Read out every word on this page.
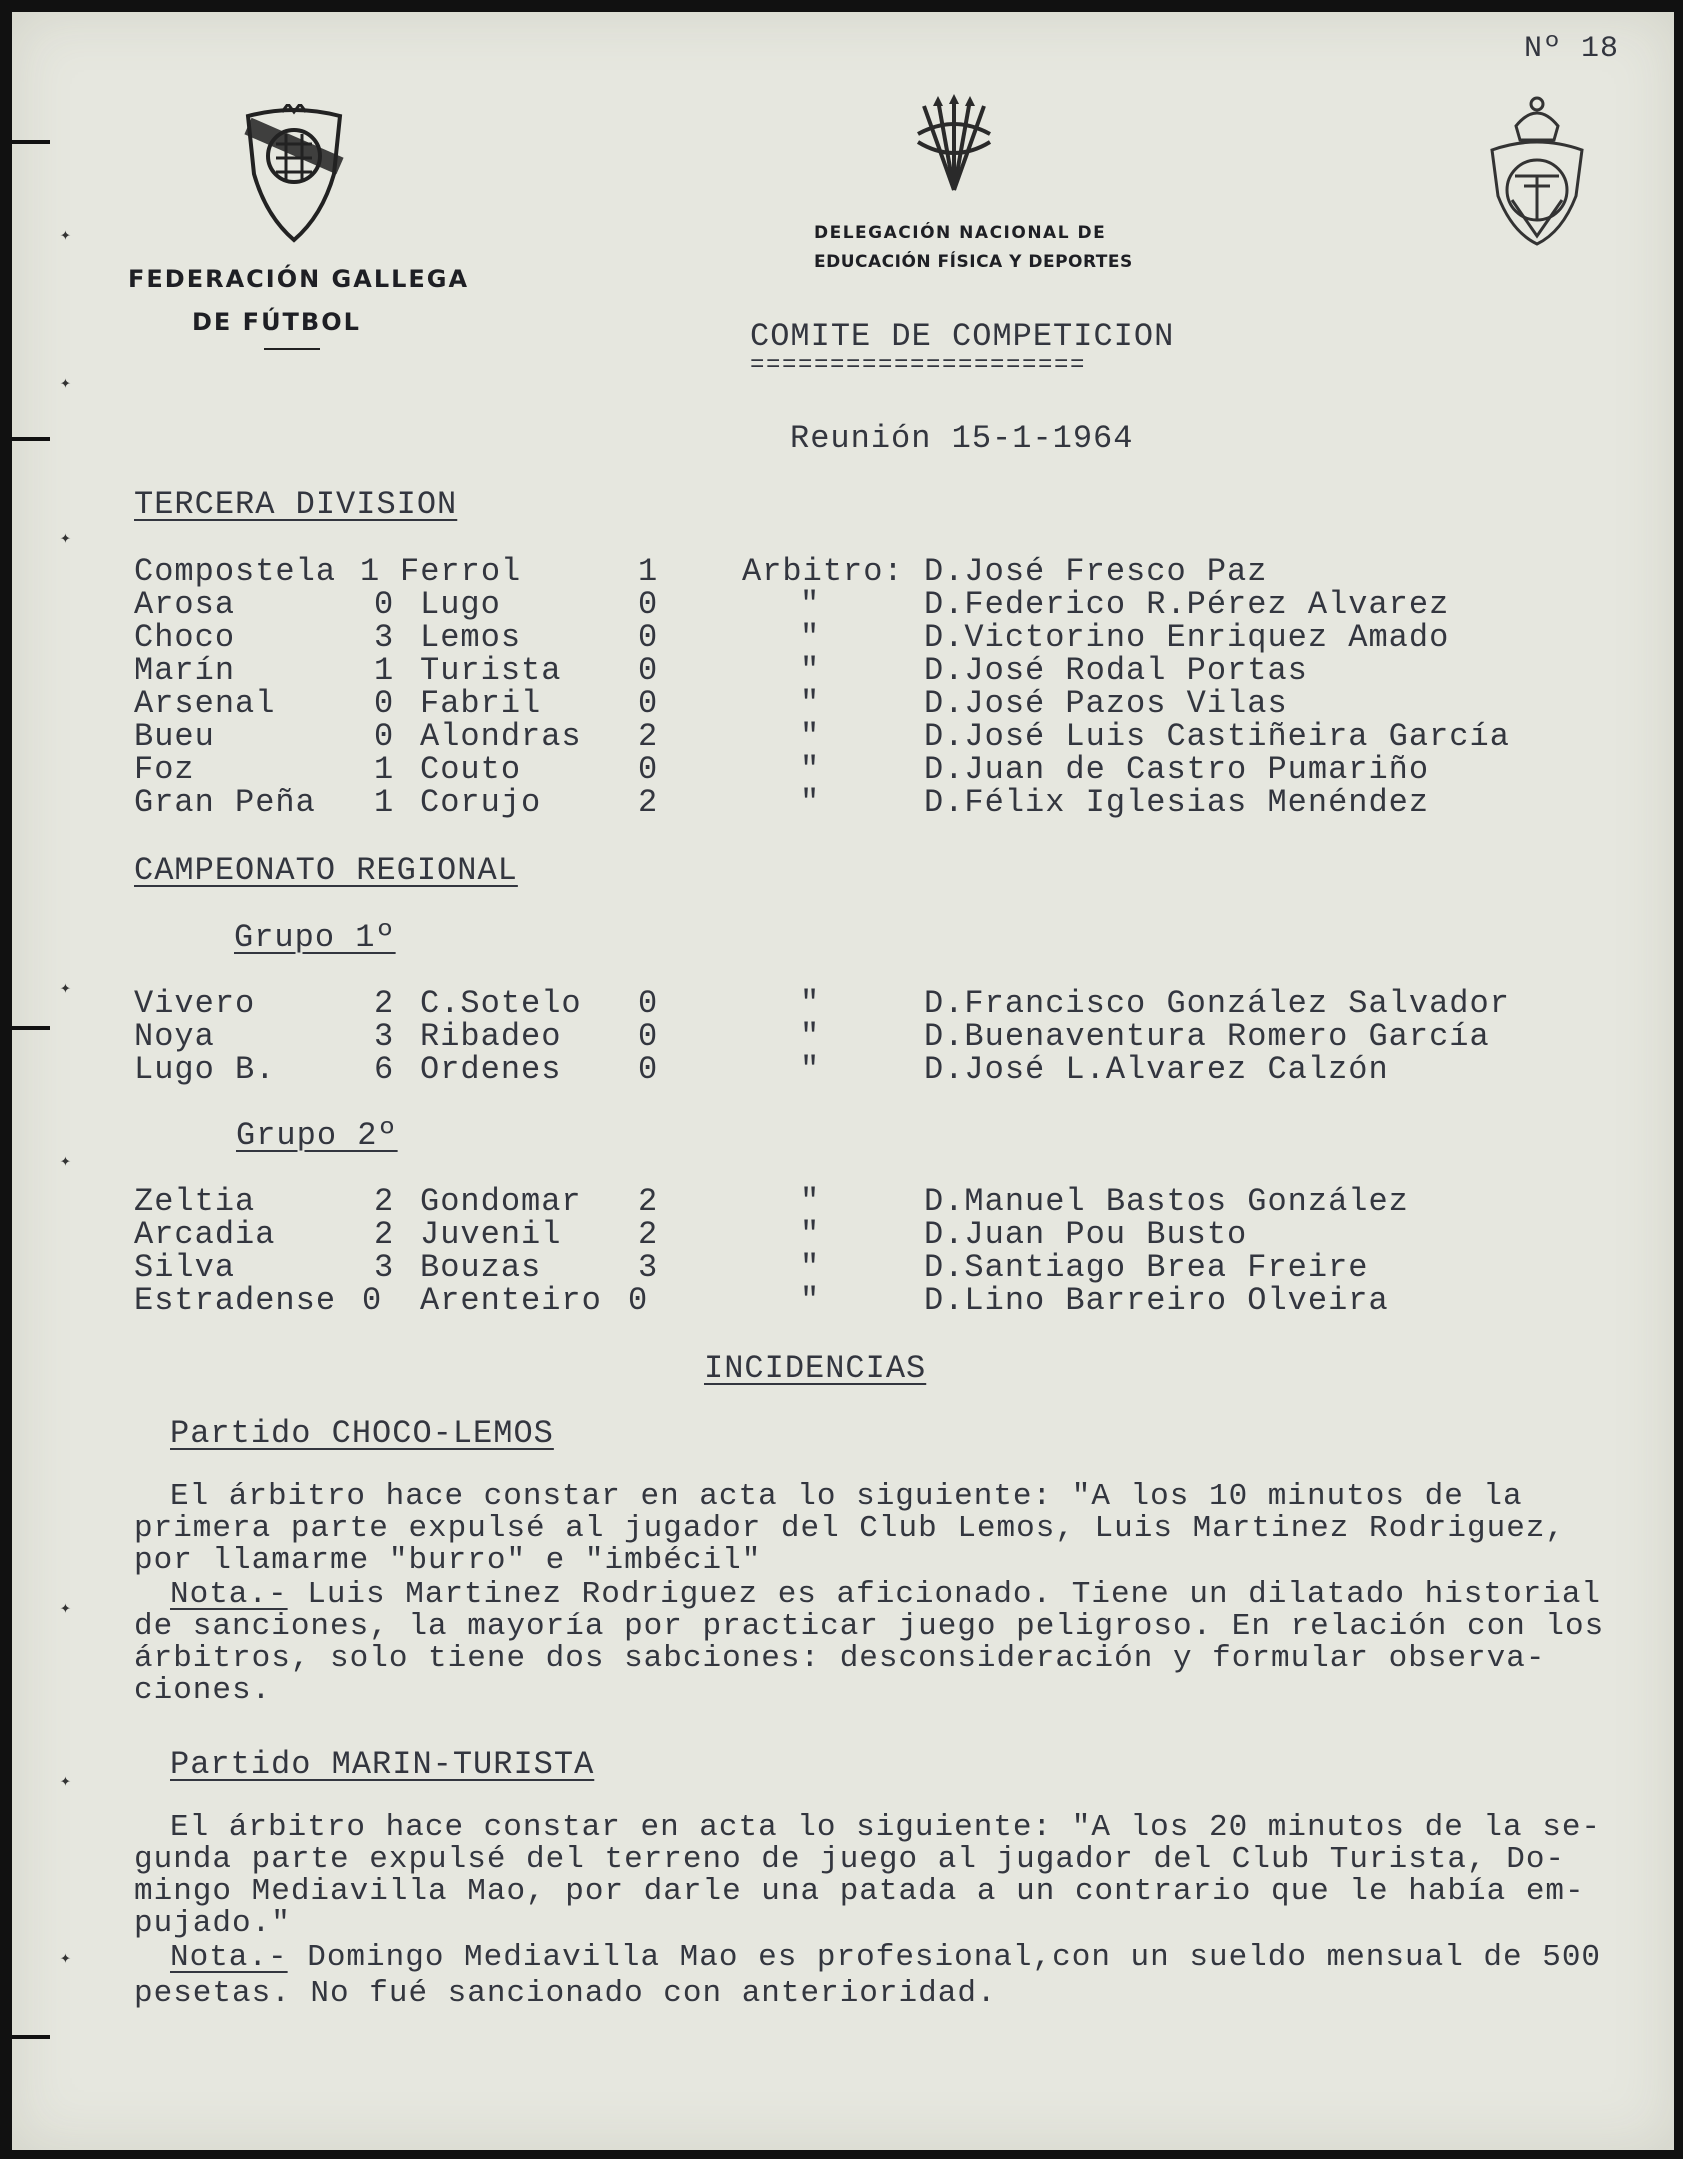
✦
✦
✦
✦
✦
✦
✦
✦
Nº 18
FEDERACIÓN GALLEGA
DE FÚTBOL
DELEGACIÓN NACIONAL DE
EDUCACIÓN FÍSICA Y DEPORTES
COMITE DE COMPETICION
=====================
Reunión 15-1-1964
TERCERA DIVISION
Compostela 1 Ferrol	1	Arbitro: D.José Fresco Paz
Arosa	0 Lugo	0	"	D.Federico R.Pérez Alvarez
Choco	3 Lemos	0	"	D.Victorino Enriquez Amado
Marín	1 Turista 0	"	D.José Rodal Portas
Arsenal	0 Fabril	0	"	D.José Pazos Vilas
Bueu	0 Alondras 2	"	D.José Luis Castiñeira García
Foz	1 Couto	0	"	D.Juan de Castro Pumariño
Gran Peña 1 Corujo	2	"	D.Félix Iglesias Menéndez
CAMPEONATO REGIONAL
Grupo 1º
Vivero	2 C.Sotelo 0	"	D.Francisco González Salvador
Noya	3 Ribadeo 0	"	D.Buenaventura Romero García
Lugo B.	6 Ordenes 0	"	D.José L.Alvarez Calzón
Grupo 2º
Zeltia	2 Gondomar 2	"	D.Manuel Bastos González
Arcadia	2 Juvenil 2	"	D.Juan Pou Busto
Silva	3 Bouzas	3	"	D.Santiago Brea Freire
Estradense 0 Arenteiro 0	"	D.Lino Barreiro Olveira
INCIDENCIAS
Partido CHOCO-LEMOS
El árbitro hace constar en acta lo siguiente: "A los 10 minutos de la
primera parte expulsé al jugador del Club Lemos, Luis Martinez Rodriguez,
por llamarme "burro" e "imbécil"
Nota.- Luis Martinez Rodriguez es aficionado. Tiene un dilatado historial
de sanciones, la mayoría por practicar juego peligroso. En relación con los
árbitros, solo tiene dos sabciones: desconsideración y formular observa-
ciones.
Partido MARIN-TURISTA
El árbitro hace constar en acta lo siguiente: "A los 20 minutos de la se-
gunda parte expulsé del terreno de juego al jugador del Club Turista, Do-
mingo Mediavilla Mao, por darle una patada a un contrario que le había em-
pujado."
Nota.- Domingo Mediavilla Mao es profesional,con un sueldo mensual de 500
pesetas. No fué sancionado con anterioridad.
